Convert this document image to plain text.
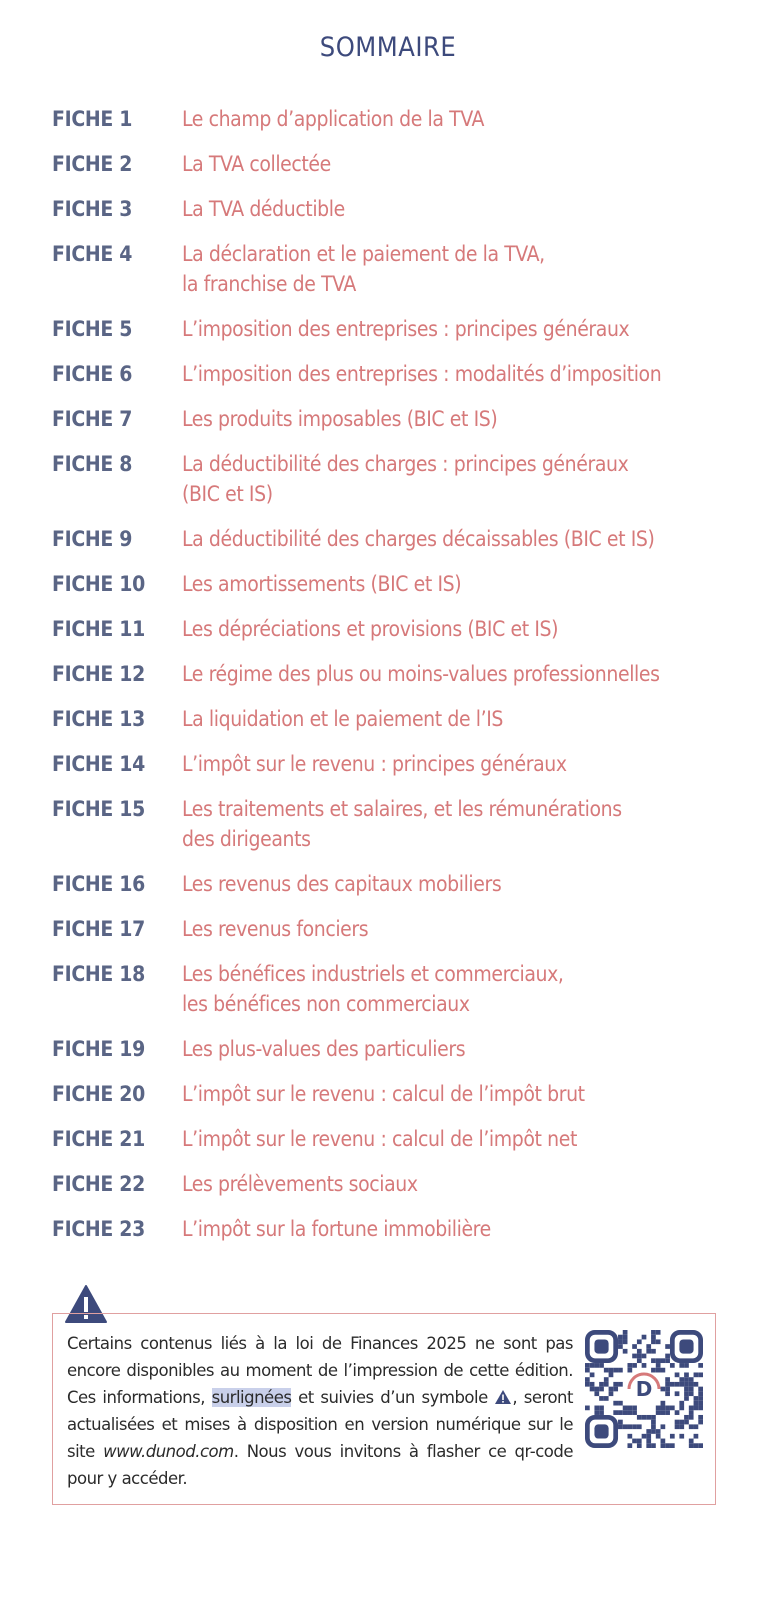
SOMMAIRE
FICHE 1	Le champ d’application de la TVA
FICHE 2	La TVA collectée
FICHE 3	La TVA déductible
FICHE 4	La déclaration et le paiement de la TVA,
la franchise de TVA
FICHE 5	L’imposition des entreprises : principes généraux
FICHE 6	L’imposition des entreprises : modalités d’imposition
FICHE 7	Les produits imposables (BIC et IS)
FICHE 8	La déductibilité des charges : principes généraux
(BIC et IS)
FICHE 9	La déductibilité des charges décaissables (BIC et IS)
FICHE 10	Les amortissements (BIC et IS)
FICHE 11	Les dépréciations et provisions (BIC et IS)
FICHE 12	Le régime des plus ou moins-values professionnelles
FICHE 13	La liquidation et le paiement de l’IS
FICHE 14	L’impôt sur le revenu : principes généraux
FICHE 15	Les traitements et salaires, et les rémunérations
des dirigeants
FICHE 16	Les revenus des capitaux mobiliers
FICHE 17	Les revenus fonciers
FICHE 18	Les bénéfices industriels et commerciaux,
les bénéfices non commerciaux
FICHE 19	Les plus-values des particuliers
FICHE 20	L’impôt sur le revenu : calcul de l’impôt brut
FICHE 21	L’impôt sur le revenu : calcul de l’impôt net
FICHE 22	Les prélèvements sociaux
FICHE 23	L’impôt sur la fortune immobilière
Certains contenus liés à la loi de Finances 2025 ne sont pas encore disponibles au moment de l’impression de cette édition. Ces informations, surlignées et suivies d’un symbole , seront actualisées et mises à disposition en version numérique sur le site www.dunod.com. Nous vous invitons à flasher ce qr-code pour y accéder.
D
